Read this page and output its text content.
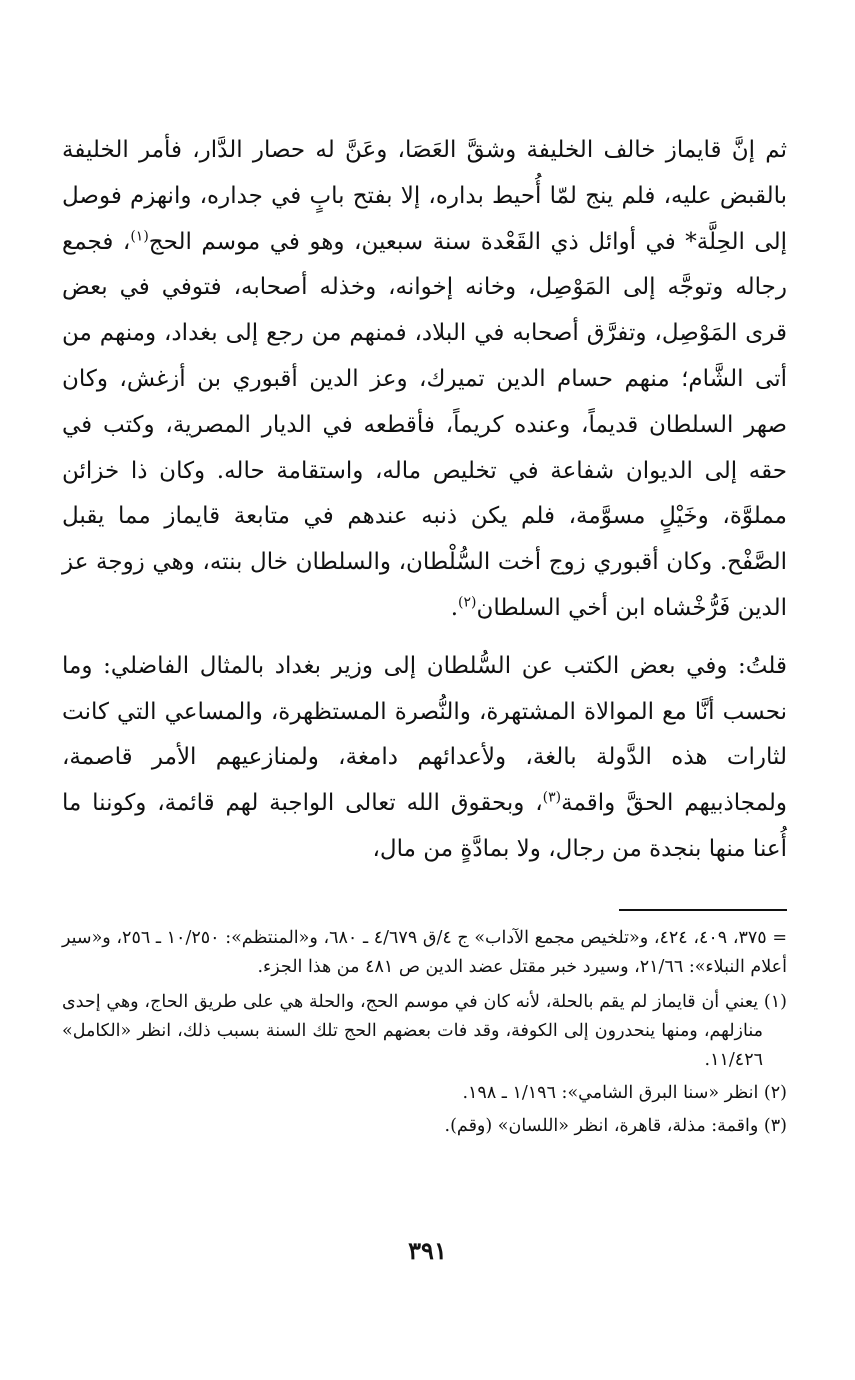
ثم إنَّ قايماز خالف الخليفة وشقَّ العَصَا، وعَنَّ له حصار الدَّار، فأمر الخليفة بالقبض عليه، فلم ينج لمّا أُحيط بداره، إلا بفتح بابٍ في جداره، وانهزم فوصل إلى الحِلَّة* في أوائل ذي القَعْدة سنة سبعين، وهو في موسم الحج$^{(١)}$، فجمع رجاله وتوجَّه إلى المَوْصِل، وخانه إخوانه، وخذله أصحابه، فتوفي في بعض قرى المَوْصِل، وتفرَّق أصحابه في البلاد، فمنهم من رجع إلى بغداد، ومنهم من أتى الشَّام؛ منهم حسام الدين تميرك، وعز الدين أقبوري بن أزغش، وكان صهر السلطان قديماً، وعنده كريماً، فأقطعه في الديار المصرية، وكتب في حقه إلى الديوان شفاعة في تخليص ماله، واستقامة حاله. وكان ذا خزائن مملوَّة، وخَيْلٍ مسوَّمة، فلم يكن ذنبه عندهم في متابعة قايماز مما يقبل الصَّفْح. وكان أقبوري زوج أخت السُّلْطان، والسلطان خال بنته، وهي زوجة عز الدين فَرُّخْشاه ابن أخي السلطان$^{(٢)}$.

قلتُ: وفي بعض الكتب عن السُّلطان إلى وزير بغداد بالمثال الفاضلي: وما نحسب أنَّا مع الموالاة المشتهرة، والنُّصرة المستظهرة، والمساعي التي كانت لثارات هذه الدَّولة بالغة، ولأعدائهم دامغة، ولمنازعيهم الأمر قاصمة، ولمجاذبيهم الحقَّ واقمة$^{(٣)}$، وبحقوق الله تعالى الواجبة لهم قائمة، وكوننا ما أُعنا منها بنجدة من رجال، ولا بمادَّةٍ من مال،

= ٣٧٥، ٤٠٩، ٤٢٤، و«تلخيص مجمع الآداب» ج ٤/ق ٤/٦٧٩ ـ ٦٨٠، و«المنتظم»: ١٠/٢٥٠ ـ ٢٥٦، و«سير أعلام النبلاء»: ٢١/٦٦، وسيرد خبر مقتل عضد الدين ص ٤٨١ من هذا الجزء.

(١) يعني أن قايماز لم يقم بالحلة، لأنه كان في موسم الحج، والحلة هي على طريق الحاج، وهي إحدى منازلهم، ومنها ينحدرون إلى الكوفة، وقد فات بعضهم الحج تلك السنة بسبب ذلك، انظر «الكامل» ١١/٤٢٦.

(٢) انظر «سنا البرق الشامي»: ١/١٩٦ ـ ١٩٨.

(٣) واقمة: مذلة، قاهرة، انظر «اللسان» (وقم).

٣٩١
